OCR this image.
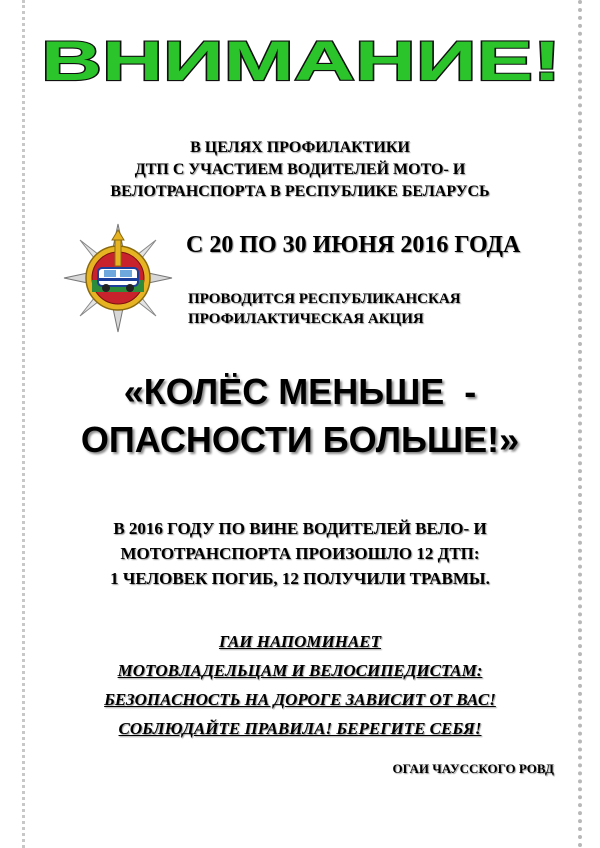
ВНИМАНИЕ!
В ЦЕЛЯХ ПРОФИЛАКТИКИ
ДТП С УЧАСТИЕМ ВОДИТЕЛЕЙ МОТО- И
ВЕЛОТРАНСПОРТА В РЕСПУБЛИКЕ БЕЛАРУСЬ
С 20 ПО 30 ИЮНЯ 2016 ГОДА
ПРОВОДИТСЯ РЕСПУБЛИКАНСКАЯ
ПРОФИЛАКТИЧЕСКАЯ АКЦИЯ
«КОЛЁС МЕНЬШЕ  -
ОПАСНОСТИ БОЛЬШЕ!»
В 2016 ГОДУ ПО ВИНЕ ВОДИТЕЛЕЙ ВЕЛО- И
МОТОТРАНСПОРТА ПРОИЗОШЛО 12 ДТП:
1 ЧЕЛОВЕК ПОГИБ, 12 ПОЛУЧИЛИ ТРАВМЫ.
ГАИ НАПОМИНАЕТ
МОТОВЛАДЕЛЬЦАМ И ВЕЛОСИПЕДИСТАМ:
БЕЗОПАСНОСТЬ НА ДОРОГЕ ЗАВИСИТ ОТ ВАС!
СОБЛЮДАЙТЕ ПРАВИЛА! БЕРЕГИТЕ СЕБЯ!
ОГАИ ЧАУССКОГО РОВД
